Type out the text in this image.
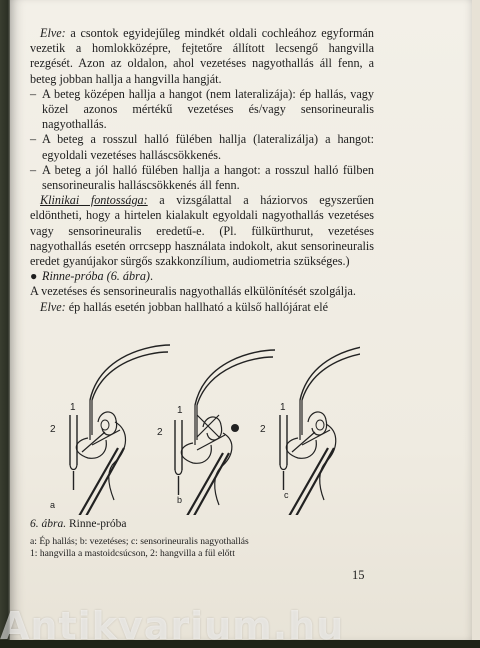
Elve: a csontok egyidejűleg mindkét oldali cochleához egyformán vezetik a homlokközépre, fejtetőre állított lecsengő hangvilla rezgését. Azon az oldalon, ahol vezetéses nagyothallás áll fenn, a beteg jobban hallja a hangvilla hangját.

– A beteg középen hallja a hangot (nem lateralizája): ép hallás, vagy közel azonos mértékű vezetéses és/vagy sensorineuralis nagyothallás.

– A beteg a rosszul halló fülében hallja (lateralizálja) a hangot: egyoldali vezetéses halláscsökkenés.

– A beteg a jól halló fülében hallja a hangot: a rosszul halló fülben sensorineuralis halláscsökkenés áll fenn.

Klinikai fontossága: a vizsgálattal a háziorvos egyszerűen eldöntheti, hogy a hirtelen kialakult egyoldali nagyothallás vezetéses vagy sensorineuralis eredetű-e. (Pl. fülkürthurut, vezetéses nagyothallás esetén orrcsepp használata indokolt, akut sensorineuralis eredet gyanújakor sürgős szakkonzílium, audiometria szükséges.)

● Rinne-próba (6. ábra).

A vezetéses és sensorineuralis nagyothallás elkülönítését szolgálja.

Elve: ép hallás esetén jobban hallható a külső hallójárat elé

2
1
a
2
1
b
2
1
c
6. ábra. Rinne-próba
a: Ép hallás; b: vezetéses; c: sensorineuralis nagyothallás
1: hangvilla a mastoidcsúcson, 2: hangvilla a fül előtt
15
Antikvarium.hu
